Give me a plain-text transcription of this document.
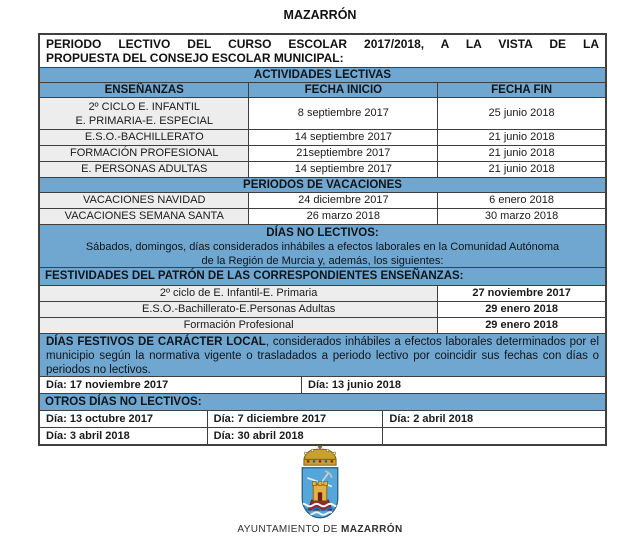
MAZARRÓN
PERIODO LECTIVO DEL CURSO ESCOLAR 2017/2018, A LA VISTA DE LA
PROPUESTA DEL CONSEJO ESCOLAR MUNICIPAL:
ACTIVIDADES LECTIVAS
ENSEÑANZAS	FECHA INICIO	FECHA FIN
2º CICLO E. INFANTIL
E. PRIMARIA-E. ESPECIAL
8 septiembre 2017	25 junio 2018
E.S.O.-BACHILLERATO	14 septiembre 2017	21 junio 2018
FORMACIÓN PROFESIONAL	21septiembre 2017	21 junio 2018
E. PERSONAS ADULTAS	14 septiembre 2017	21 junio 2018
PERIODOS DE VACACIONES
VACACIONES NAVIDAD	24 diciembre 2017	6 enero 2018
VACACIONES SEMANA SANTA	26 marzo 2018	30 marzo 2018
DÍAS NO LECTIVOS:
Sábados, domingos, días considerados inhábiles a efectos laborales en la Comunidad Autónoma
de la Región de Murcia y, además, los siguientes:
FESTIVIDADES DEL PATRÓN DE LAS CORRESPONDIENTES ENSEÑANZAS:
2º ciclo de E. Infantil-E. Primaria	27 noviembre 2017
E.S.O.-Bachillerato-E.Personas Adultas	29 enero 2018
Formación Profesional	29 enero 2018
DÍAS FESTIVOS DE CARÁCTER LOCAL, considerados inhábiles a efectos laborales determinados por el municipio según la normativa vigente o trasladados a periodo lectivo por coincidir sus fechas con días o periodos no lectivos.
Día: 17 noviembre 2017	Día: 13 junio 2018
OTROS DÍAS NO LECTIVOS:
Día: 13 octubre 2017	Día: 7 diciembre 2017	Día: 2 abril 2018
Día: 3 abril 2018	Día: 30 abril 2018
AYUNTAMIENTO DE MAZARRÓN
